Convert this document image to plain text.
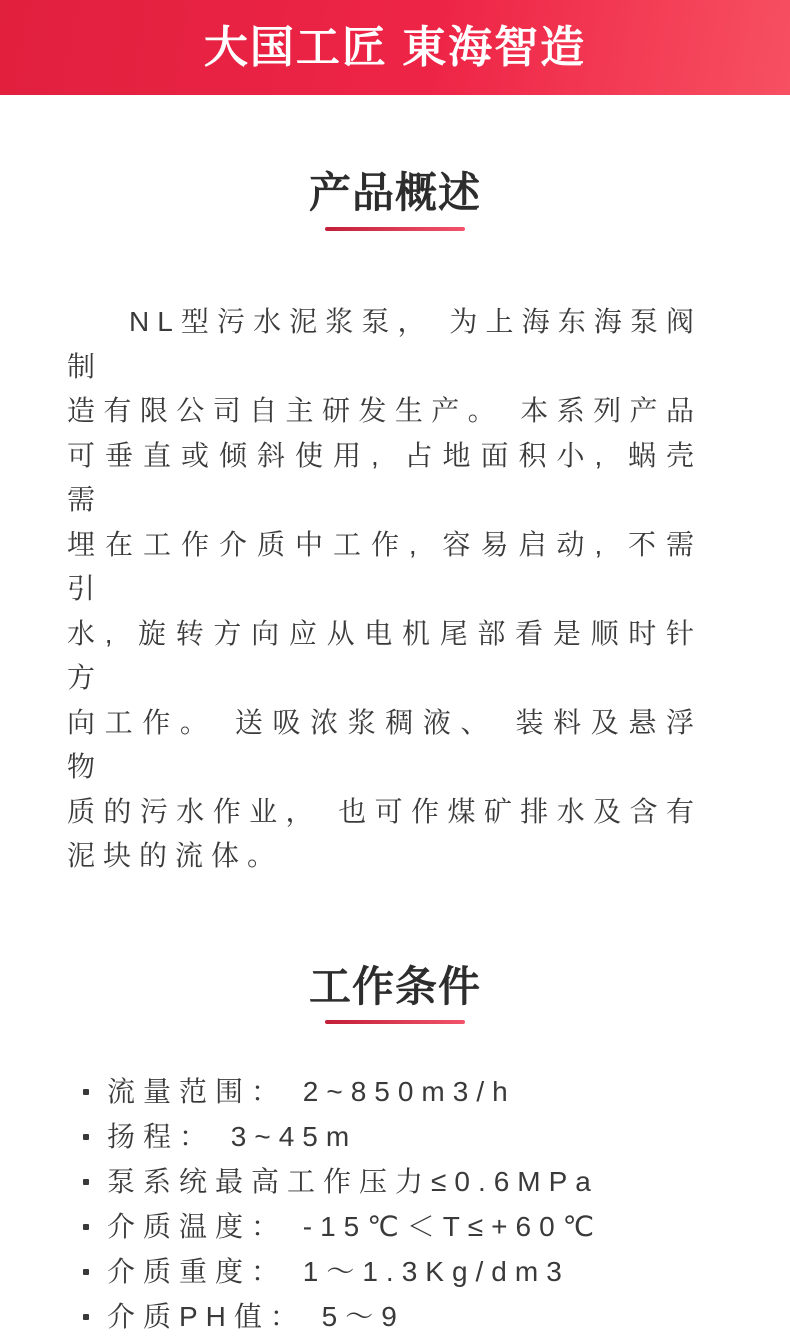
大国工匠 東海智造
产品概述
NL型污水泥浆泵， 为上海东海泵阀制
造有限公司自主研发生产。 本系列产品
可垂直或倾斜使用, 占地面积小, 蜗壳需
埋在工作介质中工作, 容易启动, 不需引
水, 旋转方向应从电机尾部看是顺时针方
向工作。 送吸浓浆稠液、 装料及悬浮物
质的污水作业， 也可作煤矿排水及含有
泥块的流体。
工作条件
流量范围： 2~850m3/h
扬程： 3~45m
泵系统最高工作压力≤0.6MPa
介质温度： -15℃＜T≤+60℃
介质重度： 1～1.3Kg/dm3
介质PH值： 5～9
